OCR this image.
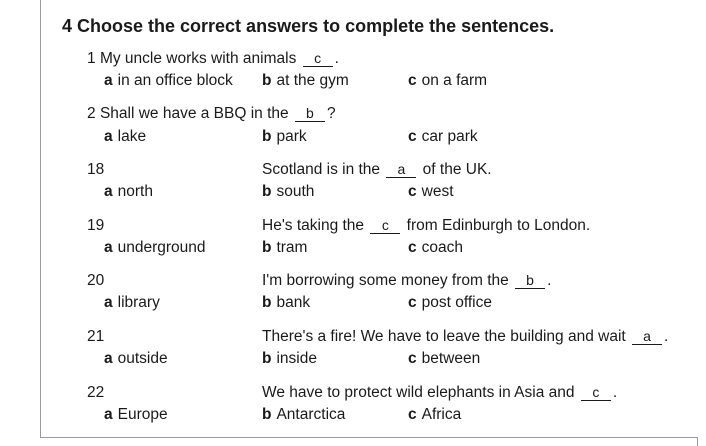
4 Choose the correct answers to complete the sentences.
1 My uncle works with animals c .
a in an office block b at the gym	c on a farm
2 Shall we have a BBQ in the b ?
a lake	b park	c car park
18	Scotland is in the a of the UK.
a north	b south	c west
19	He's taking the c from Edinburgh to London.
a underground	b tram	c coach
20	I'm borrowing some money from the b .
a library	b bank	c post office
21	There's a fire! We have to leave the building and wait a .
a outside	b inside	c between
22	We have to protect wild elephants in Asia and c .
a Europe	b Antarctica	c Africa
